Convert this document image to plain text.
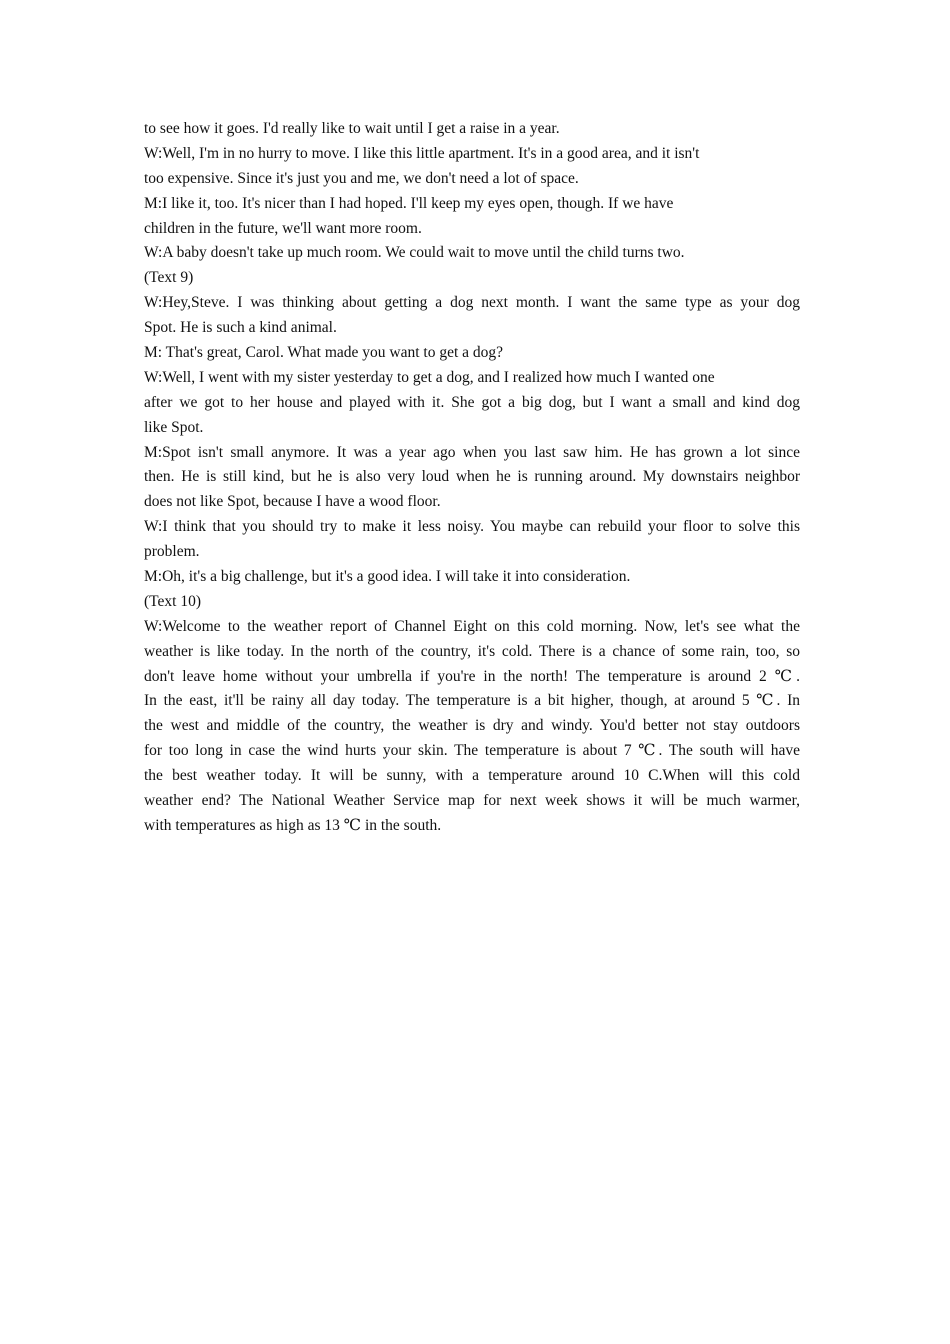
to see how it goes. I'd really like to wait until I get a raise in a year.
W:Well, I'm in no hurry to move. I like this little apartment. It's in a good area, and it isn't
too expensive. Since it's just you and me, we don't need a lot of space.
M:I like it, too. It's nicer than I had hoped. I'll keep my eyes open, though. If we have
children in the future, we'll want more room.
W:A baby doesn't take up much room. We could wait to move until the child turns two.
(Text 9)
W:Hey,Steve. I was thinking about getting a dog next month. I want the same type as your dog
Spot. He is such a kind animal.
M: That's great, Carol. What made you want to get a dog?
W:Well, I went with my sister yesterday to get a dog, and I realized how much I wanted one
after we got to her house and played with it. She got a big dog, but I want a small and kind dog
like Spot.
M:Spot isn't small anymore. It was a year ago when you last saw him. He has grown a lot since
then. He is still kind, but he is also very loud when he is running around. My downstairs neighbor
does not like Spot, because I have a wood floor.
W:I think that you should try to make it less noisy. You maybe can rebuild your floor to solve this
problem.
M:Oh, it's a big challenge, but it's a good idea. I will take it into consideration.
(Text 10)
W:Welcome to the weather report of Channel Eight on this cold morning. Now, let's see what the
weather is like today. In the north of the country, it's cold. There is a chance of some rain, too, so
don't leave home without your umbrella if you're in the north! The temperature is around 2 ℃.
In the east, it'll be rainy all day today. The temperature is a bit higher, though, at around 5 ℃. In
the west and middle of the country, the weather is dry and windy. You'd better not stay outdoors
for too long in case the wind hurts your skin. The temperature is about 7 ℃. The south will have
the best weather today. It will be sunny, with a temperature around 10 C.When will this cold
weather end? The National Weather Service map for next week shows it will be much warmer,
with temperatures as high as 13 ℃ in the south.
